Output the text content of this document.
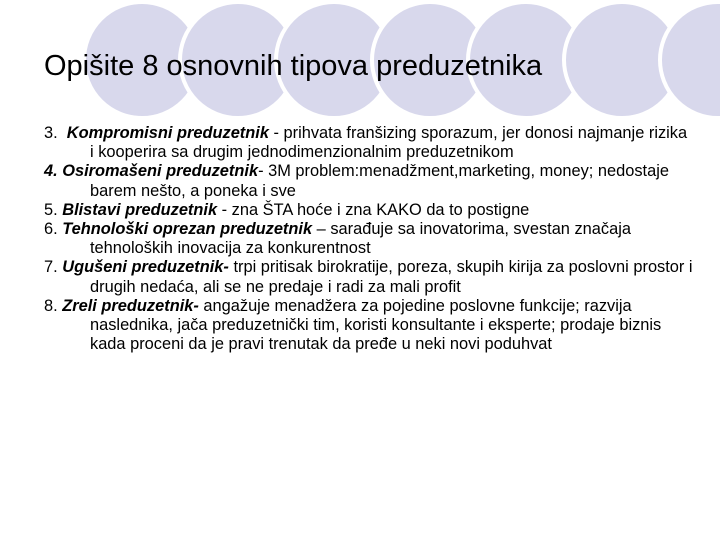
Opišite 8 osnovnih tipova preduzetnika

3. Kompromisni preduzetnik - prihvata franšizing sporazum, jer donosi najmanje rizika i kooperira sa drugim jednodimenzionalnim preduzetnikom

4. Osiromašeni preduzetnik- 3M problem:menadžment,marketing, money; nedostaje barem nešto, a poneka i sve

5. Blistavi preduzetnik - zna ŠTA hoće i zna KAKO da to postigne

6. Tehnološki oprezan preduzetnik – sarađuje sa inovatorima, svestan značaja tehnoloških inovacija za konkurentnost

7. Ugušeni preduzetnik- trpi pritisak birokratije, poreza, skupih kirija za poslovni prostor i drugih nedaća, ali se ne predaje i radi za mali profit

8. Zreli preduzetnik- angažuje menadžera za pojedine poslovne funkcije; razvija naslednika, jača preduzetnički tim, koristi konsultante i eksperte; prodaje biznis kada proceni da je pravi trenutak da pređe u neki novi poduhvat
